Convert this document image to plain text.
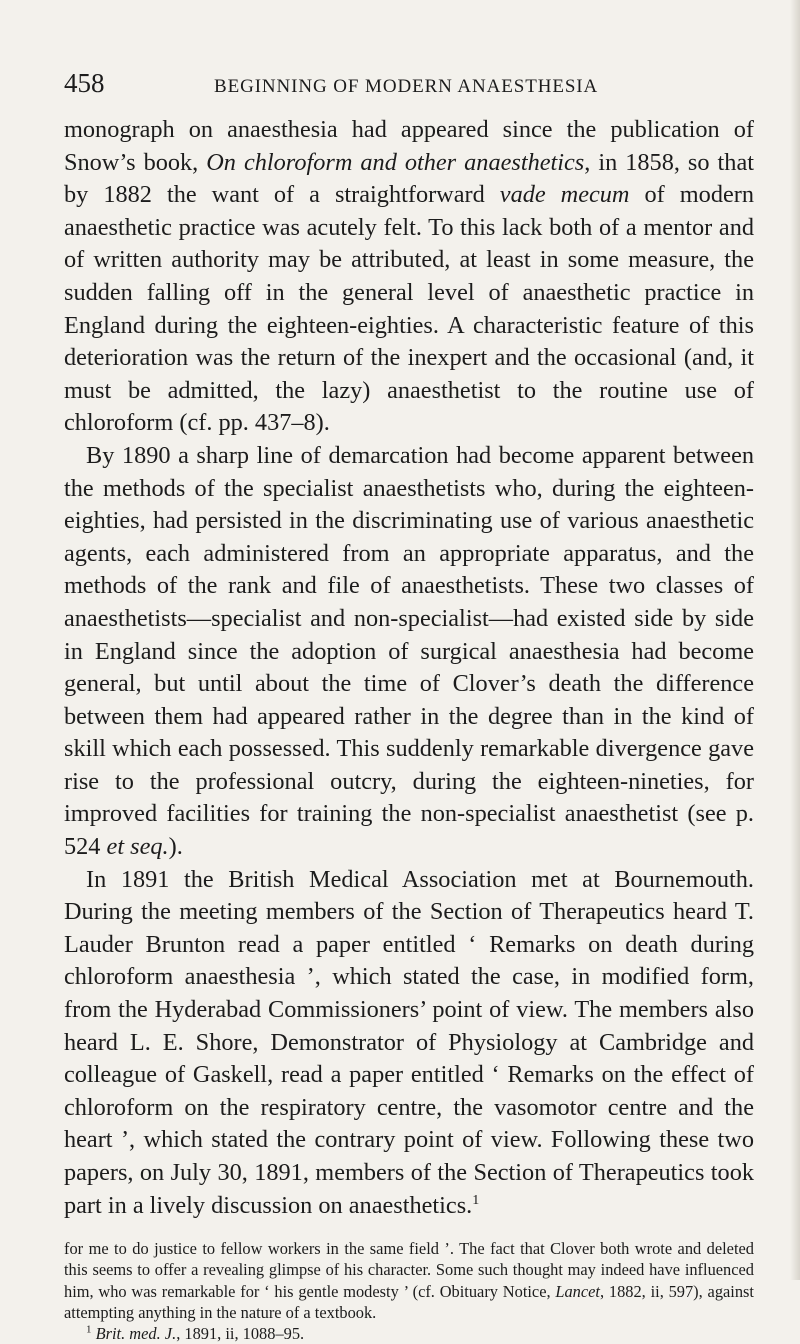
458	BEGINNING OF MODERN ANAESTHESIA

monograph on anaesthesia had appeared since the publication of Snow’s book, On chloroform and other anaesthetics, in 1858, so that by 1882 the want of a straightforward vade mecum of modern anaesthetic practice was acutely felt. To this lack both of a mentor and of written authority may be attributed, at least in some measure, the sudden falling off in the general level of anaesthetic practice in England during the eighteen-eighties. A characteristic feature of this deterioration was the return of the inexpert and the occasional (and, it must be admitted, the lazy) anaesthetist to the routine use of chloroform (cf. pp. 437–8).

By 1890 a sharp line of demarcation had become apparent between the methods of the specialist anaesthetists who, during the eighteen-eighties, had persisted in the discriminating use of various anaesthetic agents, each administered from an appropriate apparatus, and the methods of the rank and file of anaesthetists. These two classes of anaesthetists—specialist and non-specialist—had existed side by side in England since the adoption of surgical anaesthesia had become general, but until about the time of Clover’s death the difference between them had appeared rather in the degree than in the kind of skill which each possessed. This suddenly remarkable divergence gave rise to the professional outcry, during the eighteen-nineties, for improved facilities for training the non-specialist anaesthetist (see p. 524 et seq.).

In 1891 the British Medical Association met at Bournemouth. During the meeting members of the Section of Therapeutics heard T. Lauder Brunton read a paper entitled ‘ Remarks on death during chloroform anaesthesia ’, which stated the case, in modified form, from the Hyderabad Commissioners’ point of view. The members also heard L. E. Shore, Demonstrator of Physiology at Cambridge and colleague of Gaskell, read a paper entitled ‘ Remarks on the effect of chloroform on the respiratory centre, the vasomotor centre and the heart ’, which stated the contrary point of view. Following these two papers, on July 30, 1891, members of the Section of Therapeutics took part in a lively discussion on anaesthetics.$^1$

for me to do justice to fellow workers in the same field ’. The fact that Clover both wrote and deleted this seems to offer a revealing glimpse of his character. Some such thought may indeed have influenced him, who was remarkable for ‘ his gentle modesty ’ (cf. Obituary Notice, Lancet, 1882, ii, 597), against attempting anything in the nature of a textbook.

$^1$ Brit. med. J., 1891, ii, 1088–95.
